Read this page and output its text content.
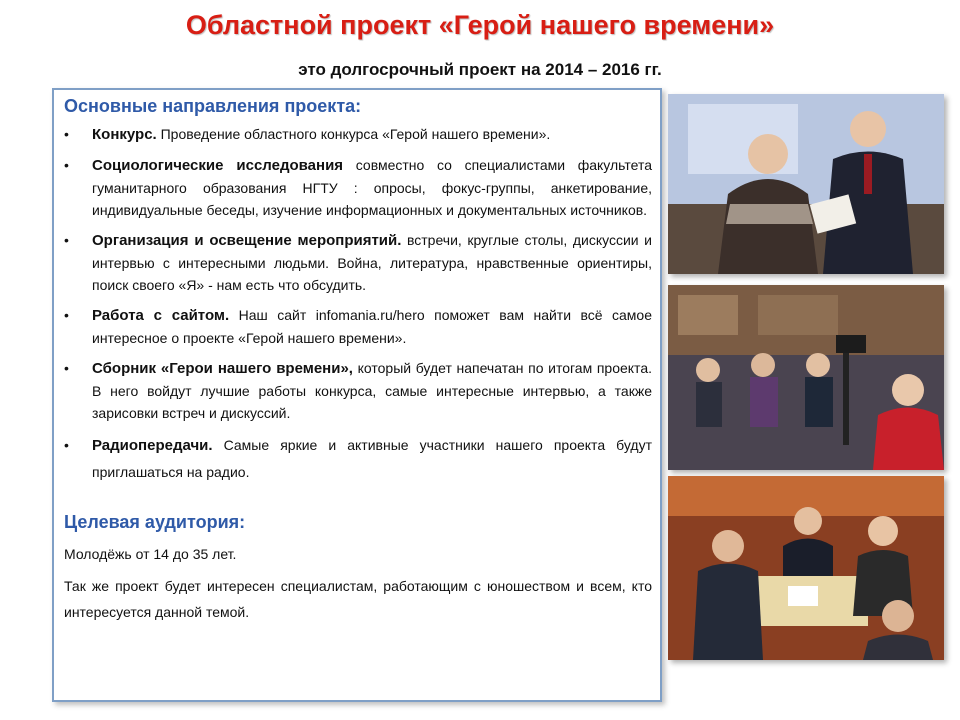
Областной проект «Герой нашего времени»
это долгосрочный проект на 2014 – 2016 гг.
Основные направления проекта:
• Конкурс. Проведение областного конкурса «Герой нашего времени».
• Социологические исследования совместно со специалистами факультета гуманитарного образования НГТУ : опросы, фокус-группы, анкетирование, индивидуальные беседы, изучение информационных и документальных источников.
• Организация и освещение мероприятий. встречи, круглые столы, дискуссии и интервью с интересными людьми. Война, литература, нравственные ориентиры, поиск своего «Я» - нам есть что обсудить.
• Работа с сайтом. Наш сайт infomania.ru/hero поможет вам найти всё самое интересное о проекте «Герой нашего времени».
• Сборник «Герои нашего времени», который будет напечатан по итогам проекта. В него войдут лучшие работы конкурса, самые интересные интервью, а также зарисовки встреч и дискуссий.
• Радиопередачи. Самые яркие и активные участники нашего проекта будут приглашаться на радио.
Целевая аудитория:

Молодёжь от 14 до 35 лет.

Так же проект будет интересен специалистам, работающим с юношеством и всем, кто интересуется данной темой.
